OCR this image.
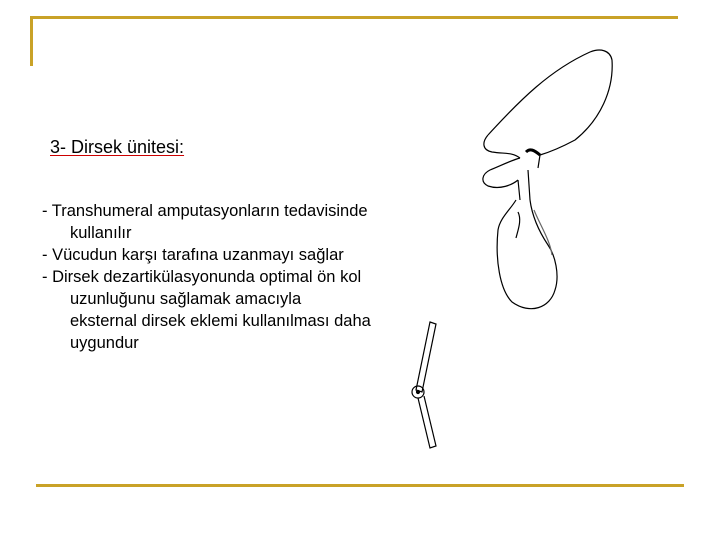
3- Dirsek ünitesi:
- Transhumeral amputasyonların tedavisinde kullanılır
- Vücudun karşı tarafına uzanmayı sağlar
- Dirsek dezartikülasyonunda optimal ön kol uzunluğunu sağlamak amacıyla eksternal dirsek eklemi kullanılması daha uygundur
